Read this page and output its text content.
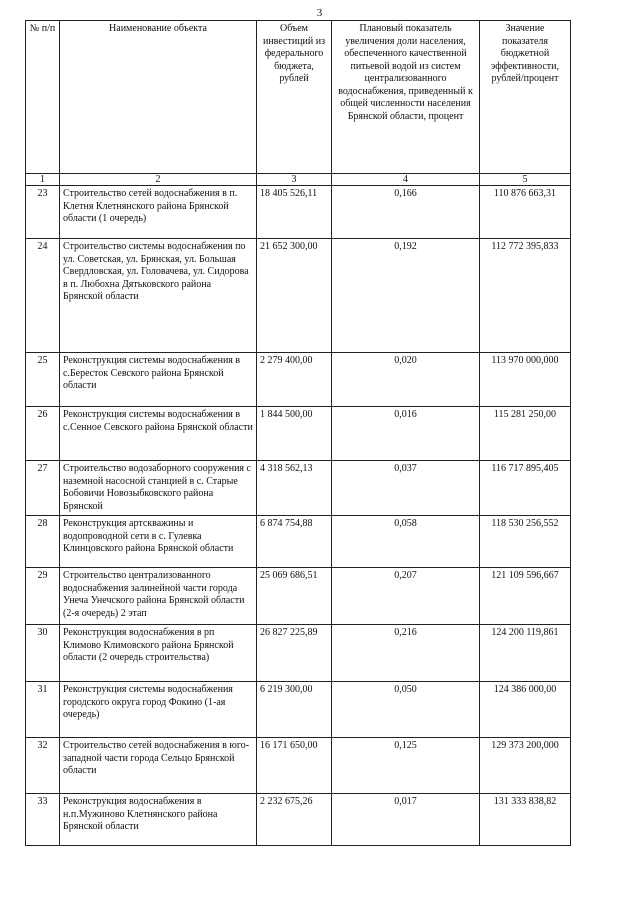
3
№ п/п	Наименование объекта	Объем инвестиций из федерального бюджета, рублей	Плановый показатель увеличения доли населения, обеспеченного качественной питьевой водой из систем централизованного водоснабжения, приведенный к общей численности населения Брянской области, процент	Значение показателя бюджетной эффективности, рублей/процент
1	2	3	4	5
23	Строительство сетей водоснабжения в п. Клетня Клетнянского района Брянской области (1 очередь)	18 405 526,11	0,166	110 876 663,31
24	Строительство системы водоснабжения по ул. Советская, ул. Брянская, ул. Большая Свердловская, ул. Головачева, ул. Сидорова в п. Любохна Дятьковского района Брянской области	21 652 300,00	0,192	112 772 395,833
25	Реконструкция системы водоснабжения в с.Береcток Севского района Брянской области	2 279 400,00	0,020	113 970 000,000
26	Реконструкция системы водоснабжения в с.Сенное Севского района Брянской области	1 844 500,00	0,016	115 281 250,00
27	Строительство водозаборного сооружения с наземной насосной станцией в с. Старые Бобовичи Новозыбковского района Брянской	4 318 562,13	0,037	116 717 895,405
28	Реконструкция артскважины и водопроводной сети в с. Гулевка Клинцовского района Брянской области	6 874 754,88	0,058	118 530 256,552
29	Строительство централизованного водоснабжения залинейной части города Унеча Унечского района Брянской области (2-я очередь) 2 этап	25 069 686,51	0,207	121 109 596,667
30	Реконструкция водоснабжения в рп Климово Климовского района Брянской области (2 очередь строительства)	26 827 225,89	0,216	124 200 119,861
31	Реконструкция системы водоснабжения городского округа город Фокино (1-ая очередь)	6 219 300,00	0,050	124 386 000,00
32	Строительство сетей водоснабжения в юго-западной части города Сельцо Брянской области	16 171 650,00	0,125	129 373 200,000
33	Реконструкция водоснабжения в н.п.Мужиново Клетнянского района Брянской области	2 232 675,26	0,017	131 333 838,82
